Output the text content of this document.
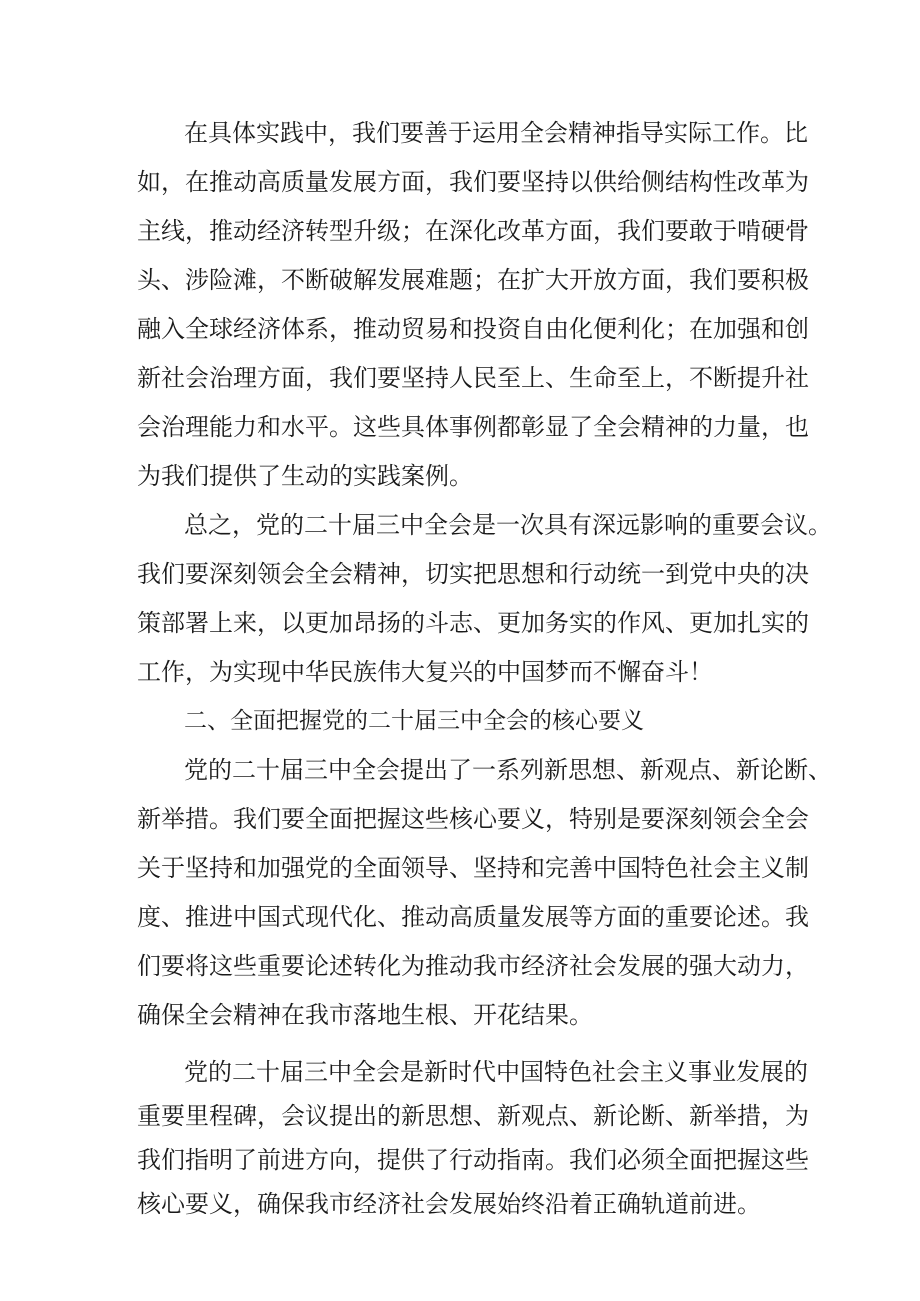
在具体实践中，我们要善于运用全会精神指导实际工作。比

如，在推动高质量发展方面，我们要坚持以供给侧结构性改革为

主线，推动经济转型升级；在深化改革方面，我们要敢于啃硬骨

头、涉险滩，不断破解发展难题；在扩大开放方面，我们要积极

融入全球经济体系，推动贸易和投资自由化便利化；在加强和创

新社会治理方面，我们要坚持人民至上、生命至上，不断提升社

会治理能力和水平。这些具体事例都彰显了全会精神的力量，也

为我们提供了生动的实践案例。

总之，党的二十届三中全会是一次具有深远影响的重要会议。

我们要深刻领会全会精神，切实把思想和行动统一到党中央的决

策部署上来，以更加昂扬的斗志、更加务实的作风、更加扎实的

工作，为实现中华民族伟大复兴的中国梦而不懈奋斗！

二、全面把握党的二十届三中全会的核心要义

党的二十届三中全会提出了一系列新思想、新观点、新论断、

新举措。我们要全面把握这些核心要义，特别是要深刻领会全会

关于坚持和加强党的全面领导、坚持和完善中国特色社会主义制

度、推进中国式现代化、推动高质量发展等方面的重要论述。我

们要将这些重要论述转化为推动我市经济社会发展的强大动力，

确保全会精神在我市落地生根、开花结果。

党的二十届三中全会是新时代中国特色社会主义事业发展的

重要里程碑，会议提出的新思想、新观点、新论断、新举措，为

我们指明了前进方向，提供了行动指南。我们必须全面把握这些

核心要义，确保我市经济社会发展始终沿着正确轨道前进。
